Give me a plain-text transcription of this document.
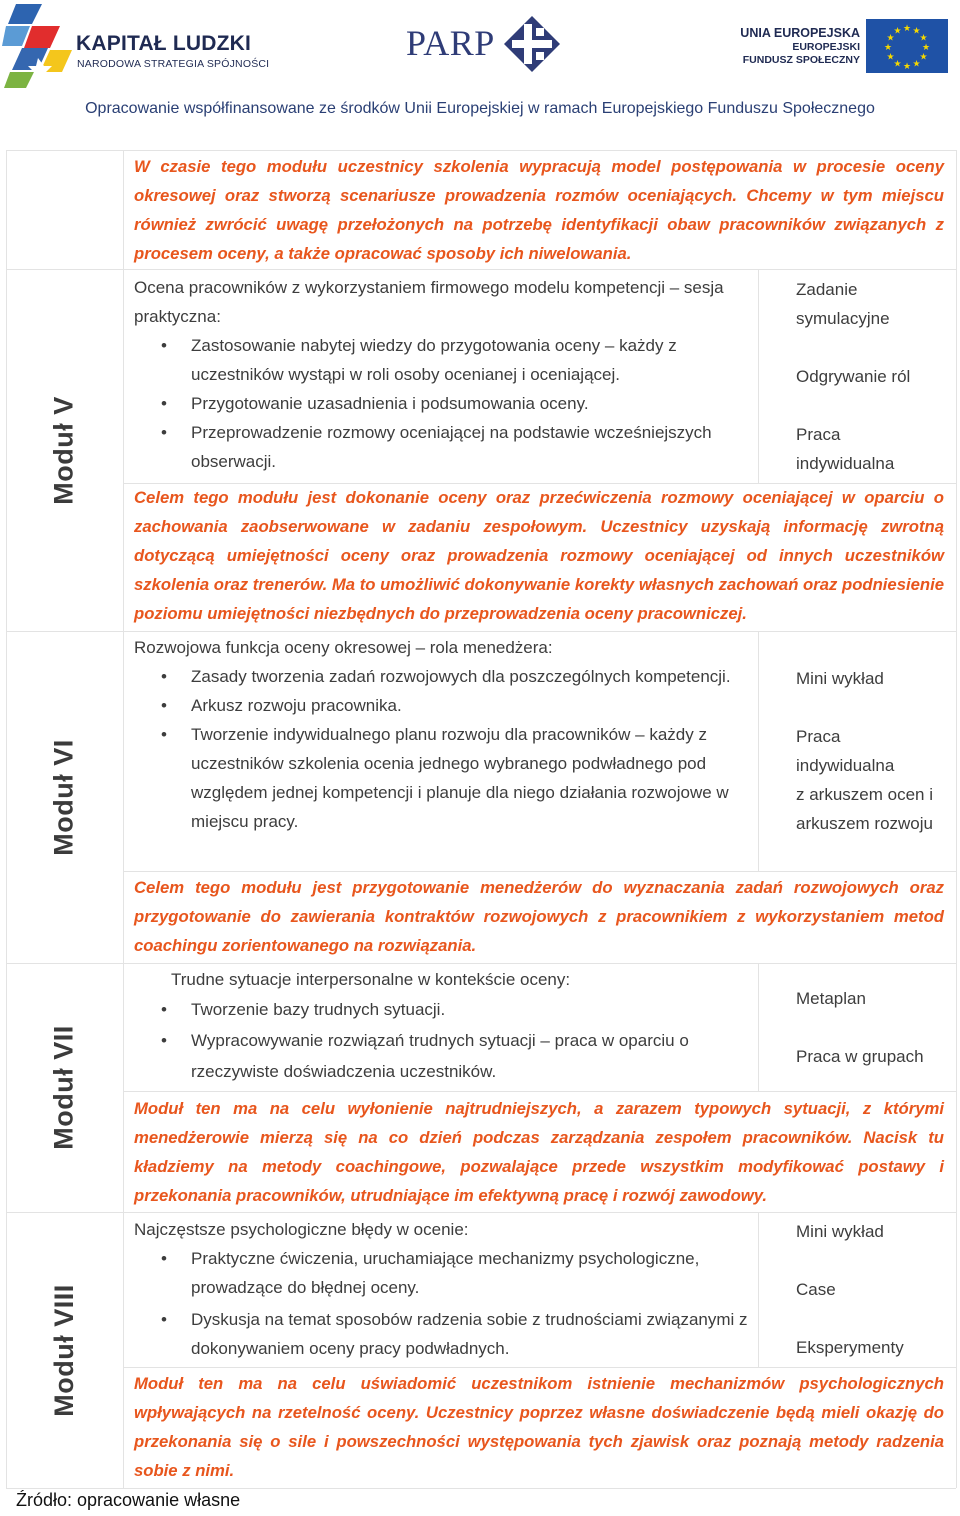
KAPITAŁ LUDZKI
NARODOWA STRATEGIA SPÓJNOŚCI
PARP	UNIA EUROPEJSKA
EUROPEJSKI
FUNDUSZ SPOŁECZNY
★ ★
★
★
★
★
★
★
★
★
★
★
Opracowanie współfinansowane ze środków Unii Europejskiej w ramach Europejskiego Funduszu Społecznego
Moduł V
W czasie tego modułu uczestnicy szkolenia wypracują model postępowania w procesie oceny okresowej oraz stworzą scenariusze prowadzenia rozmów oceniających. Chcemy w tym miejscu również zwrócić uwagę przełożonych na potrzebę identyfikacji obaw pracowników związanych z procesem oceny, a także opracować sposoby ich niwelowania.
Ocena pracowników z wykorzystaniem firmowego modelu kompetencji – sesja praktyczna:
• Zastosowanie nabytej wiedzy do przygotowania oceny – każdy z uczestników wystąpi w roli osoby ocenianej i oceniającej.
• Przygotowanie uzasadnienia i podsumowania oceny.
• Przeprowadzenie rozmowy oceniającej na podstawie wcześniejszych obserwacji.
Zadanie symulacyjne
Odgrywanie ról
Praca indywidualna
Celem tego modułu jest dokonanie oceny oraz przećwiczenia rozmowy oceniającej w oparciu o zachowania zaobserwowane w zadaniu zespołowym. Uczestnicy uzyskają informację zwrotną dotyczącą umiejętności oceny oraz prowadzenia rozmowy oceniającej od innych uczestników szkolenia oraz trenerów. Ma to umożliwić dokonywanie korekty własnych zachowań oraz podniesienie poziomu umiejętności niezbędnych do przeprowadzenia oceny pracowniczej.
Moduł VI
Rozwojowa funkcja oceny okresowej – rola menedżera:
• Zasady tworzenia zadań rozwojowych dla poszczególnych kompetencji.
• Arkusz rozwoju pracownika.
• Tworzenie indywidualnego planu rozwoju dla pracowników – każdy z uczestników szkolenia ocenia jednego wybranego podwładnego pod względem jednej kompetencji i planuje dla niego działania rozwojowe w miejscu pracy.
Mini wykład
Praca indywidualna
z arkuszem ocen i arkuszem rozwoju
Celem tego modułu jest przygotowanie menedżerów do wyznaczania zadań rozwojowych oraz przygotowanie do zawierania kontraktów rozwojowych z pracownikiem z wykorzystaniem metod coachingu zorientowanego na rozwiązania.
Moduł VII
Trudne sytuacje interpersonalne w kontekście oceny:
• Tworzenie bazy trudnych sytuacji.
• Wypracowywanie rozwiązań trudnych sytuacji – praca w oparciu o rzeczywiste doświadczenia uczestników.
Metaplan
Praca w grupach
Moduł ten ma na celu wyłonienie najtrudniejszych, a zarazem typowych sytuacji, z którymi menedżerowie mierzą się na co dzień podczas zarządzania zespołem pracowników. Nacisk tu kładziemy na metody coachingowe, pozwalające przede wszystkim modyfikować postawy i przekonania pracowników, utrudniające im efektywną pracę i rozwój zawodowy.
Moduł VIII
Najczęstsze psychologiczne błędy w ocenie:
• Praktyczne ćwiczenia, uruchamiające mechanizmy psychologiczne, prowadzące do błędnej oceny.
• Dyskusja na temat sposobów radzenia sobie z trudnościami związanymi z dokonywaniem oceny pracy podwładnych.
Mini wykład
Case
Eksperymenty
Moduł ten ma na celu uświadomić uczestnikom istnienie mechanizmów psychologicznych wpływających na rzetelność oceny. Uczestnicy poprzez własne doświadczenie będą mieli okazję do przekonania się o sile i powszechności występowania tych zjawisk oraz poznają metody radzenia sobie z nimi.
Źródło: opracowanie własne
